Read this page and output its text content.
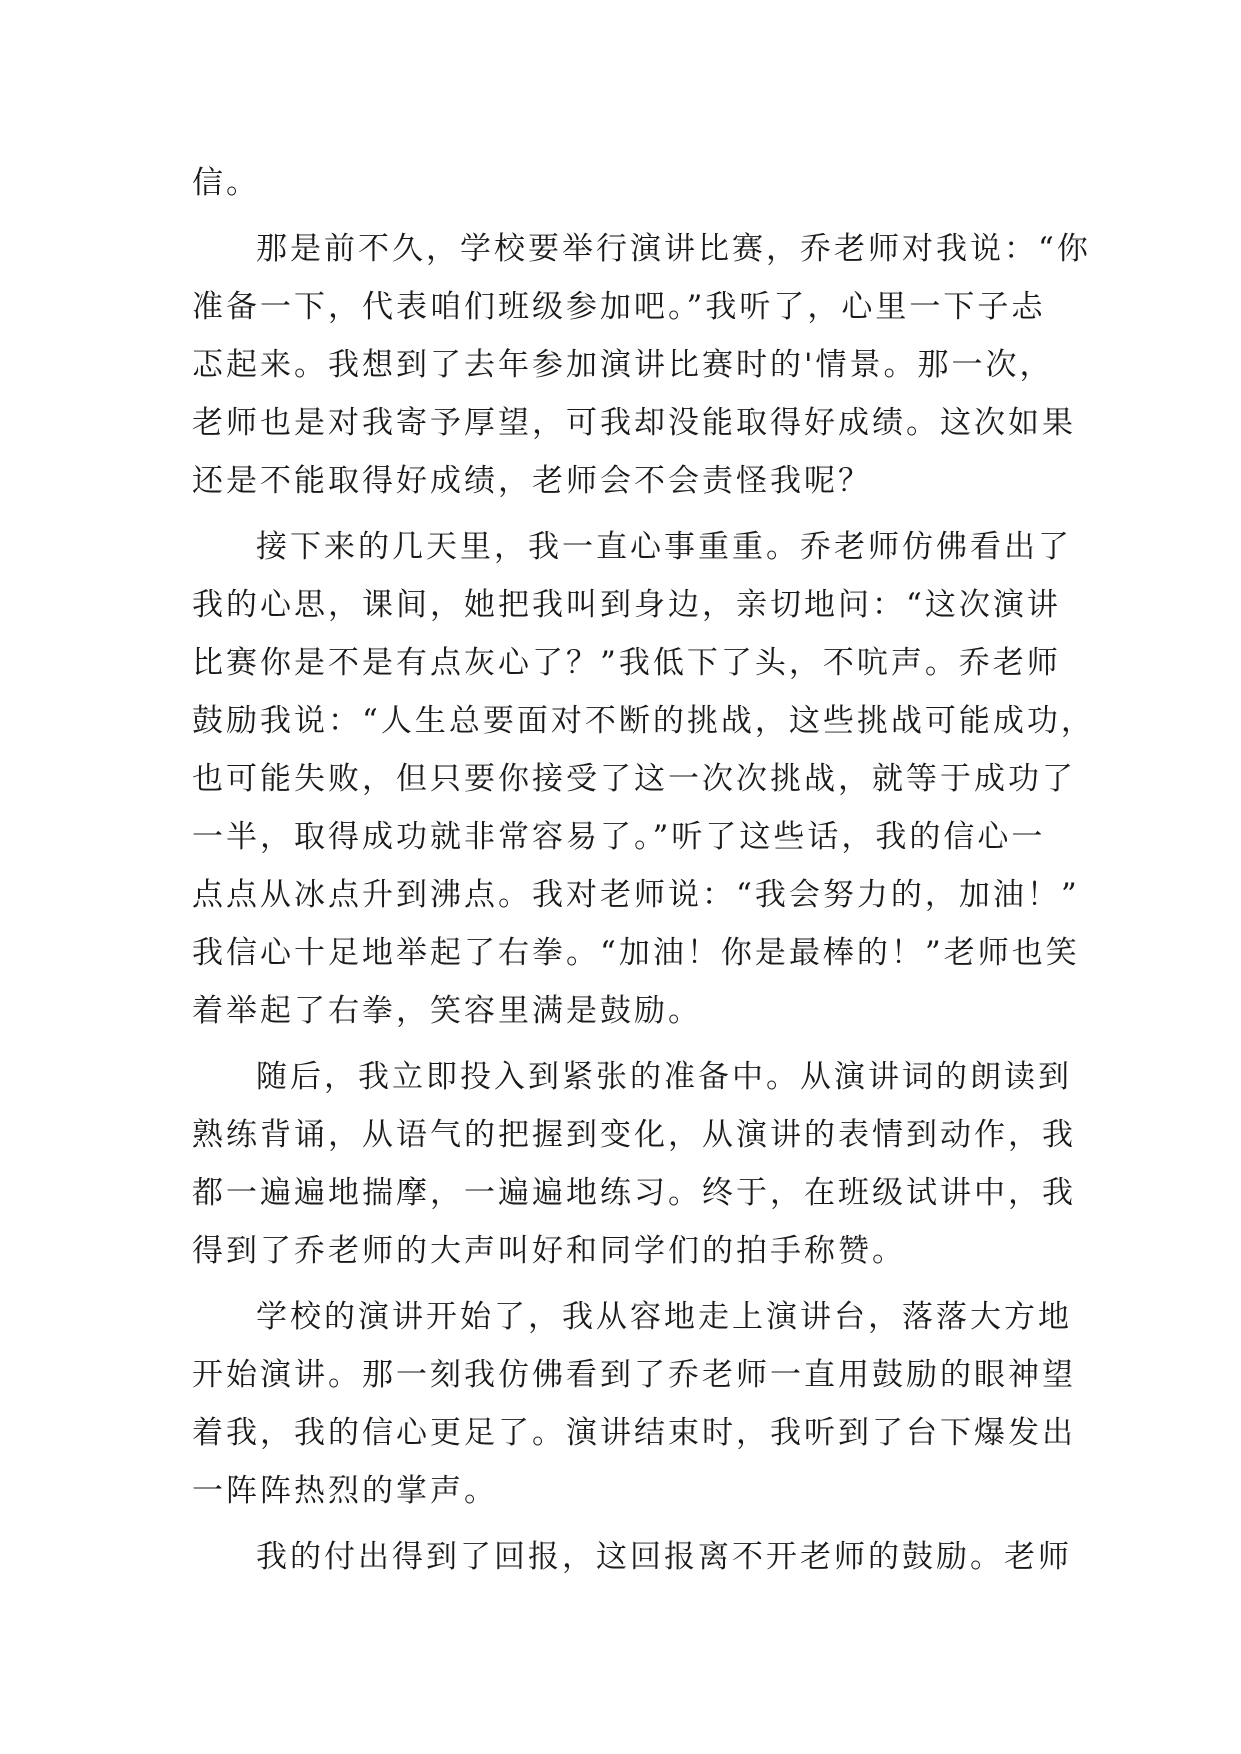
信。
那是前不久，学校要举行演讲比赛，乔老师对我说：“你
准备一下，代表咱们班级参加吧。”我听了，心里一下子忐
忑起来。我想到了去年参加演讲比赛时的'情景。那一次，
老师也是对我寄予厚望，可我却没能取得好成绩。这次如果
还是不能取得好成绩，老师会不会责怪我呢？
接下来的几天里，我一直心事重重。乔老师仿佛看出了
我的心思，课间，她把我叫到身边，亲切地问：“这次演讲
比赛你是不是有点灰心了？”我低下了头，不吭声。乔老师
鼓励我说：“人生总要面对不断的挑战，这些挑战可能成功，
也可能失败，但只要你接受了这一次次挑战，就等于成功了
一半，取得成功就非常容易了。”听了这些话，我的信心一
点点从冰点升到沸点。我对老师说：“我会努力的，加油！”
我信心十足地举起了右拳。“加油！你是最棒的！”老师也笑
着举起了右拳，笑容里满是鼓励。
随后，我立即投入到紧张的准备中。从演讲词的朗读到
熟练背诵，从语气的把握到变化，从演讲的表情到动作，我
都一遍遍地揣摩，一遍遍地练习。终于，在班级试讲中，我
得到了乔老师的大声叫好和同学们的拍手称赞。
学校的演讲开始了，我从容地走上演讲台，落落大方地
开始演讲。那一刻我仿佛看到了乔老师一直用鼓励的眼神望
着我，我的信心更足了。演讲结束时，我听到了台下爆发出
一阵阵热烈的掌声。
我的付出得到了回报，这回报离不开老师的鼓励。老师
